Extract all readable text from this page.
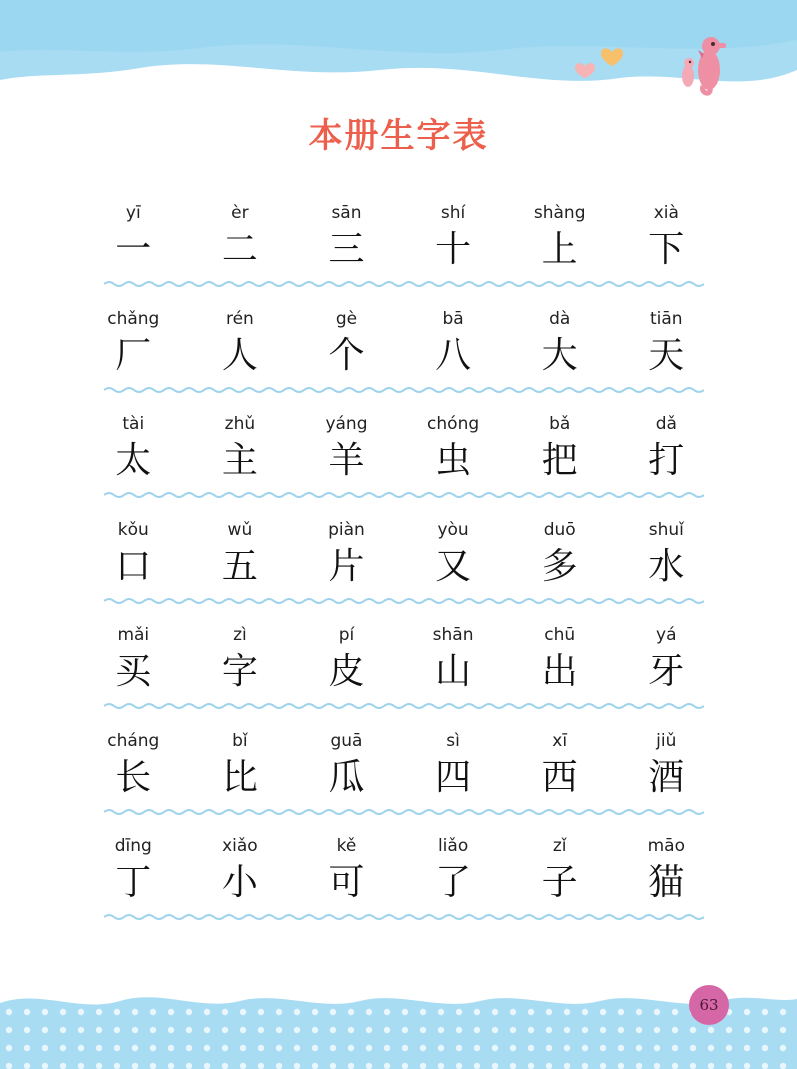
本册生字表
yī
一
èr
二
sān
三
shí
十
shàng
上
xià
下
chǎng
厂
rén
人
gè
个
bā
八
dà
大
tiān
天
tài
太
zhǔ
主
yáng
羊
chóng
虫
bǎ
把
dǎ
打
kǒu
口
wǔ
五
piàn
片
yòu
又
duō
多
shuǐ
水
mǎi
买
zì
字
pí
皮
shān
山
chū
出
yá
牙
cháng
长
bǐ
比
guā
瓜
sì
四
xī
西
jiǔ
酒
dīng
丁
xiǎo
小
kě
可
liǎo
了
zǐ
子
māo
猫
63
